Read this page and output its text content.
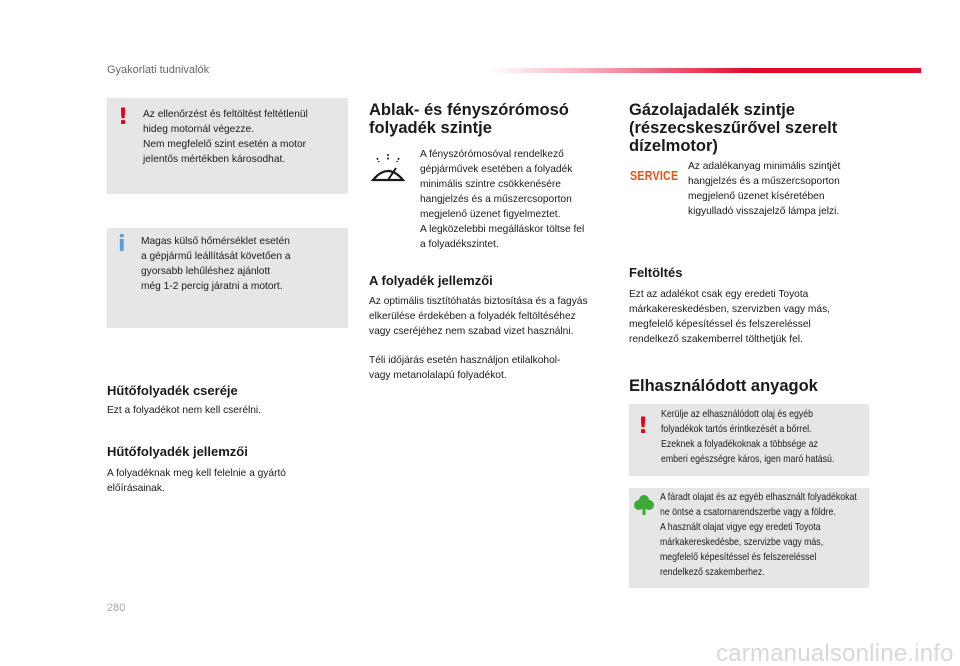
Gyakorlati tudnivalók
! Az ellenőrzést és feltöltést feltétlenül
hideg motornál végezze.
Nem megfelelő szint esetén a motor
jelentős mértékben károsodhat.
i Magas külső hőmérséklet esetén
a gépjármű leállítását követően a
gyorsabb lehűléshez ajánlott
még 1-2 percig járatni a motort.
Hűtőfolyadék cseréje
Ezt a folyadékot nem kell cserélni.
Hűtőfolyadék jellemzői
A folyadéknak meg kell felelnie a gyártó
előírásainak.
Ablak- és fényszórómosó
folyadék szintje
A fényszórómosóval rendelkező
gépjárművek esetében a folyadék
minimális szintre csökkenésére
hangjelzés és a műszercsoporton
megjelenő üzenet figyelmeztet.
A legközelebbi megálláskor töltse fel
a folyadékszintet.
A folyadék jellemzői
Az optimális tisztítóhatás biztosítása és a fagyás
elkerülése érdekében a folyadék feltöltéséhez
vagy cseréjéhez nem szabad vizet használni.
Téli időjárás esetén használjon etilalkohol-
vagy metanolalapú folyadékot.
Gázolajadalék szintje
(részecskeszűrővel szerelt
dízelmotor)
SERVICE
Az adalékanyag minimális szintjét
hangjelzés és a műszercsoporton
megjelenő üzenet kíséretében
kigyulladó visszajelző lámpa jelzi.
Feltöltés
Ezt az adalékot csak egy eredeti Toyota
márkakereskedésben, szervizben vagy más,
megfelelő képesítéssel és felszereléssel
rendelkező szakemberrel tölthetjük fel.
Elhasználódott anyagok
! Kerülje az elhasználódott olaj és egyéb
folyadékok tartós érintkezését a bőrrel.
Ezeknek a folyadékoknak a többsége az
emberi egészségre káros, igen maró hatású.
A fáradt olajat és az egyéb elhasznált folyadékokat
ne öntse a csatornarendszerbe vagy a földre.
A használt olajat vigye egy eredeti Toyota
márkakereskedésbe, szervizbe vagy más,
megfelelő képesítéssel és felszereléssel
rendelkező szakemberhez.
280
carmanualsonline.info
